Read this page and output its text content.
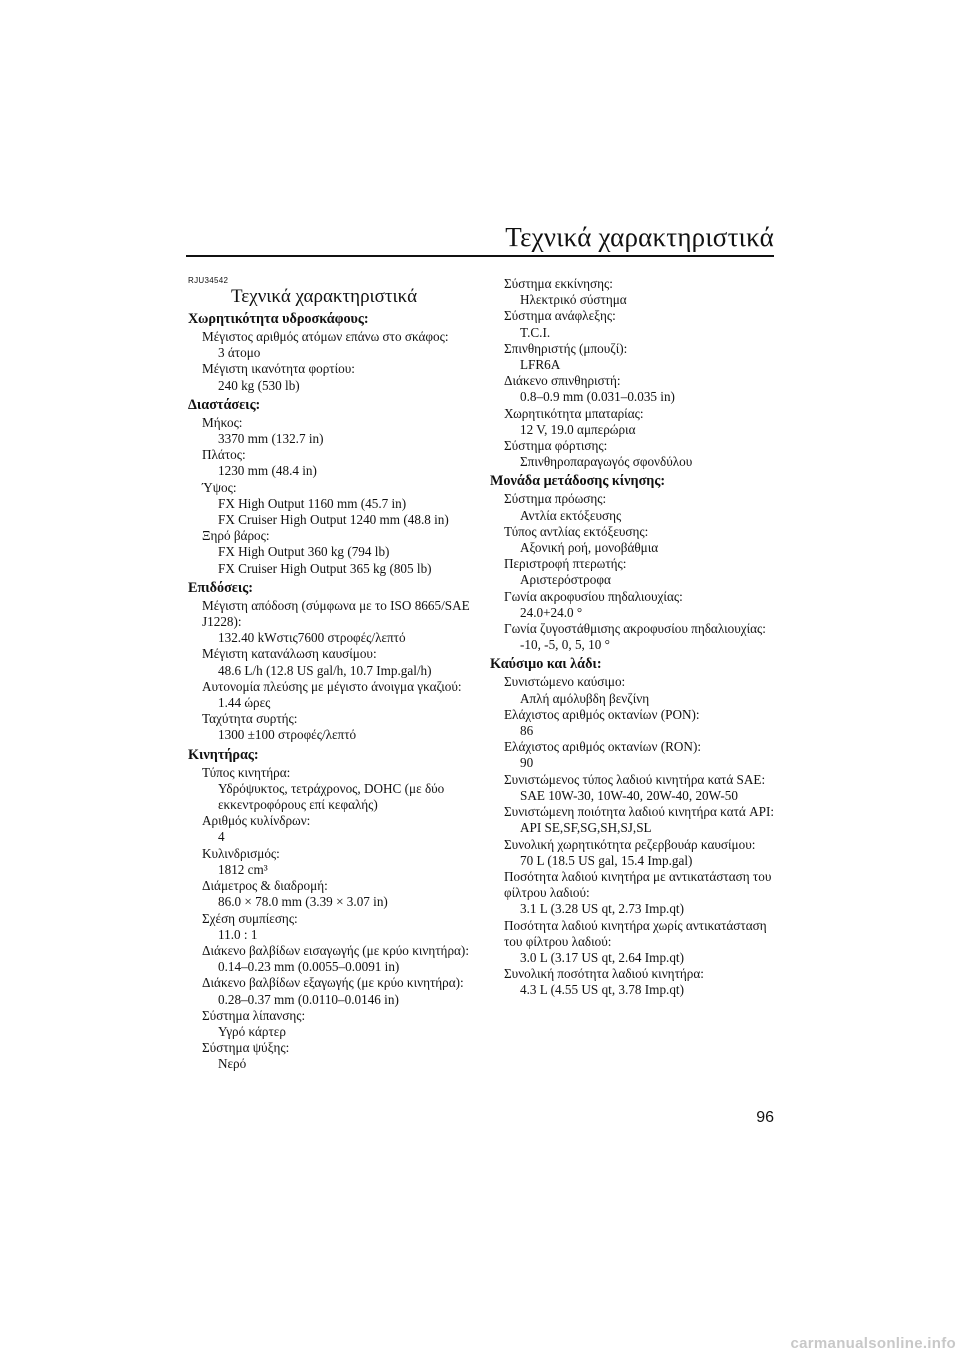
Τεχνικά χαρακτηριστικά
RJU34542
Τεχνικά χαρακτηριστικά
Χωρητικότητα υδροσκάφους:
Μέγιστος αριθμός ατόμων επάνω στο σκάφος:
3 άτομο
Μέγιστη ικανότητα φορτίου:
240 kg (530 lb)
Διαστάσεις:
Μήκος:
3370 mm (132.7 in)
Πλάτος:
1230 mm (48.4 in)
Ύψος:
FX High Output 1160 mm (45.7 in)
FX Cruiser High Output 1240 mm (48.8 in)
Ξηρό βάρος:
FX High Output 360 kg (794 lb)
FX Cruiser High Output 365 kg (805 lb)
Επιδόσεις:
Μέγιστη απόδοση (σύμφωνα με το ISO 8665/SAE
J1228):
132.40 kWστις7600 στροφές/λεπτό
Μέγιστη κατανάλωση καυσίμου:
48.6 L/h (12.8 US gal/h, 10.7 Imp.gal/h)
Αυτονομία πλεύσης με μέγιστο άνοιγμα γκαζιού:
1.44 ώρες
Ταχύτητα συρτής:
1300 ±100 στροφές/λεπτό
Κινητήρας:
Τύπος κινητήρα:
Υδρόψυκτος, τετράχρονος, DOHC (με δύο
εκκεντροφόρους επί κεφαλής)
Αριθμός κυλίνδρων:
4
Κυλινδρισμός:
1812 cm³
Διάμετρος & διαδρομή:
86.0 × 78.0 mm (3.39 × 3.07 in)
Σχέση συμπίεσης:
11.0 : 1
Διάκενο βαλβίδων εισαγωγής (με κρύο κινητήρα):
0.14–0.23 mm (0.0055–0.0091 in)
Διάκενο βαλβίδων εξαγωγής (με κρύο κινητήρα):
0.28–0.37 mm (0.0110–0.0146 in)
Σύστημα λίπανσης:
Υγρό κάρτερ
Σύστημα ψύξης:
Νερό
Σύστημα εκκίνησης:
Ηλεκτρικό σύστημα
Σύστημα ανάφλεξης:
T.C.I.
Σπινθηριστής (μπουζί):
LFR6A
Διάκενο σπινθηριστή:
0.8–0.9 mm (0.031–0.035 in)
Χωρητικότητα μπαταρίας:
12 V, 19.0 αμπερώρια
Σύστημα φόρτισης:
Σπινθηροπαραγωγός σφονδύλου
Μονάδα μετάδοσης κίνησης:
Σύστημα πρόωσης:
Αντλία εκτόξευσης
Τύπος αντλίας εκτόξευσης:
Αξονική ροή, μονοβάθμια
Περιστροφή πτερωτής:
Αριστερόστροφα
Γωνία ακροφυσίου πηδαλιουχίας:
24.0+24.0 °
Γωνία ζυγοστάθμισης ακροφυσίου πηδαλιουχίας:
-10, -5, 0, 5, 10 °
Καύσιμο και λάδι:
Συνιστώμενο καύσιμο:
Απλή αμόλυβδη βενζίνη
Ελάχιστος αριθμός οκτανίων (PON):
86
Ελάχιστος αριθμός οκτανίων (RON):
90
Συνιστώμενος τύπος λαδιού κινητήρα κατά SAE:
SAE 10W-30, 10W-40, 20W-40, 20W-50
Συνιστώμενη ποιότητα λαδιού κινητήρα κατά API:
API SE,SF,SG,SH,SJ,SL
Συνολική χωρητικότητα ρεζερβουάρ καυσίμου:
70 L (18.5 US gal, 15.4 Imp.gal)
Ποσότητα λαδιού κινητήρα με αντικατάσταση του
φίλτρου λαδιού:
3.1 L (3.28 US qt, 2.73 Imp.qt)
Ποσότητα λαδιού κινητήρα χωρίς αντικατάσταση
του φίλτρου λαδιού:
3.0 L (3.17 US qt, 2.64 Imp.qt)
Συνολική ποσότητα λαδιού κινητήρα:
4.3 L (4.55 US qt, 3.78 Imp.qt)
96
carmanualsonline.info
